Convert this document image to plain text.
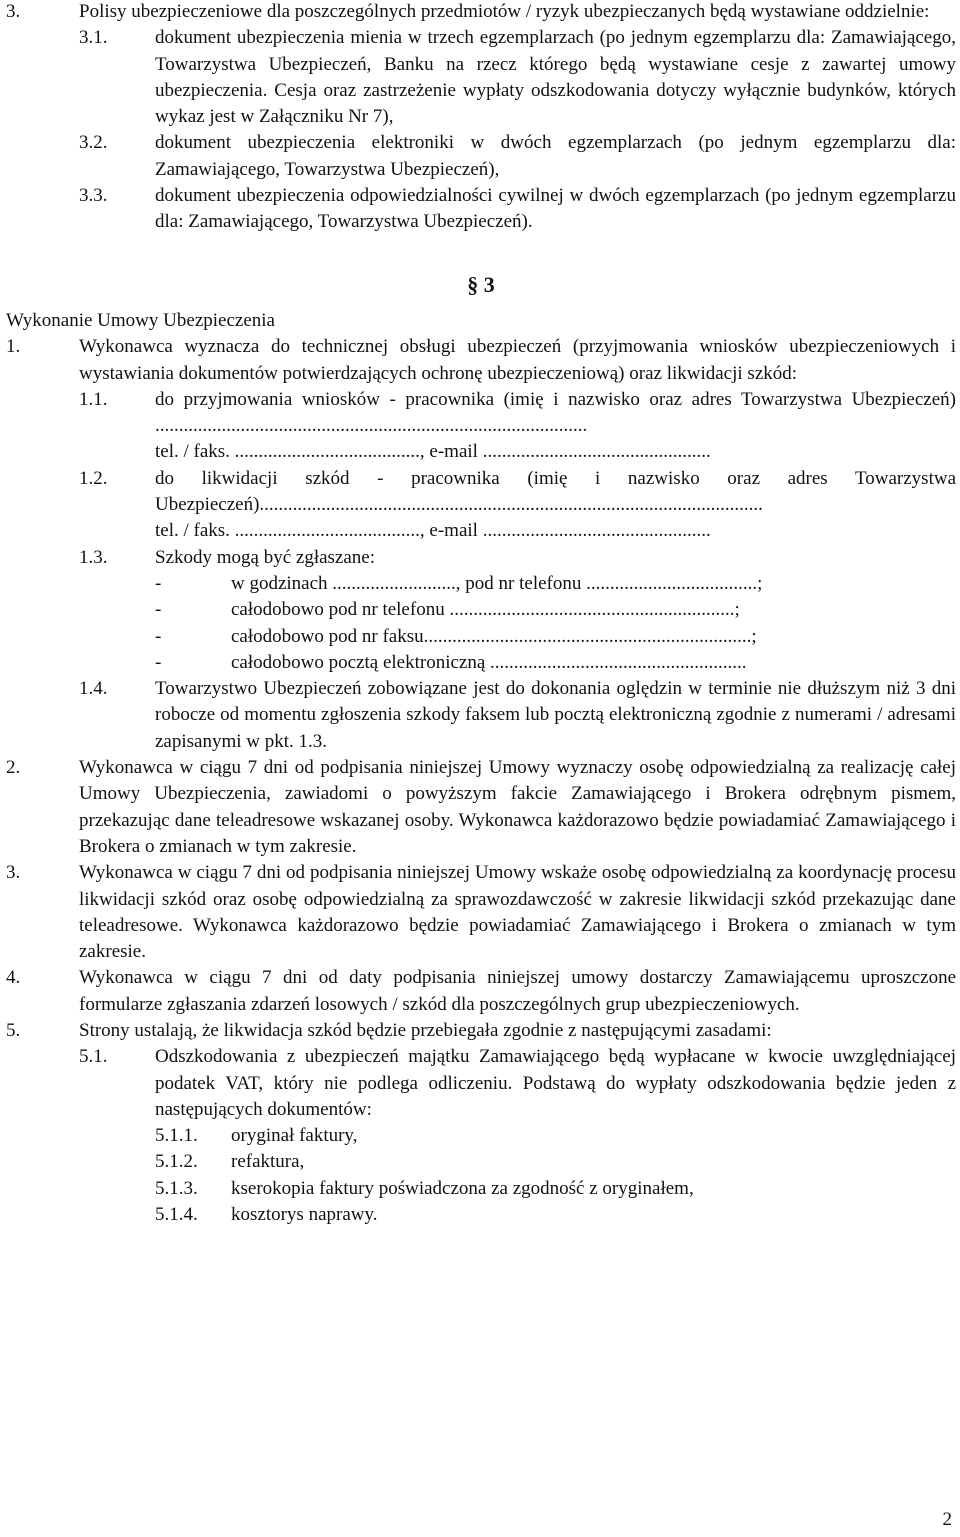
3.	Polisy ubezpieczeniowe dla poszczególnych przedmiotów / ryzyk ubezpieczanych będą wystawiane oddzielnie:
3.1.	dokument ubezpieczenia mienia w trzech egzemplarzach (po jednym egzemplarzu dla: Zamawiającego, Towarzystwa Ubezpieczeń, Banku na rzecz którego będą wystawiane cesje z zawartej umowy ubezpieczenia. Cesja oraz zastrzeżenie wypłaty odszkodowania dotyczy wyłącznie budynków, których wykaz jest w Załączniku Nr 7),
3.2.	dokument ubezpieczenia elektroniki w dwóch egzemplarzach (po jednym egzemplarzu dla: Zamawiającego, Towarzystwa Ubezpieczeń),
3.3.	dokument ubezpieczenia odpowiedzialności cywilnej w dwóch egzemplarzach (po jednym egzemplarzu dla: Zamawiającego, Towarzystwa Ubezpieczeń).
§ 3
Wykonanie Umowy Ubezpieczenia
1.	Wykonawca wyznacza do technicznej obsługi ubezpieczeń (przyjmowania wniosków ubezpieczeniowych i wystawiania dokumentów potwierdzających ochronę ubezpieczeniową) oraz likwidacji szkód:
1.1.	do przyjmowania wniosków - pracownika (imię i nazwisko oraz adres Towarzystwa Ubezpieczeń) ...........................................................................................
tel. / faks. ......................................., e-mail ................................................
1.2.	do likwidacji szkód - pracownika (imię i nazwisko oraz adres Towarzystwa Ubezpieczeń)..........................................................................................................
tel. / faks. ......................................., e-mail ................................................
1.3.	Szkody mogą być zgłaszane:
-	w godzinach .........................., pod nr telefonu ....................................;
-	całodobowo pod nr telefonu ............................................................;
-	całodobowo pod nr faksu.....................................................................;
-	całodobowo pocztą elektroniczną ......................................................
1.4.	Towarzystwo Ubezpieczeń zobowiązane jest do dokonania oględzin w terminie nie dłuższym niż 3 dni robocze od momentu zgłoszenia szkody faksem lub pocztą elektroniczną zgodnie z numerami / adresami zapisanymi w pkt. 1.3.
2.	Wykonawca w ciągu 7 dni od podpisania niniejszej Umowy wyznaczy osobę odpowiedzialną za realizację całej Umowy Ubezpieczenia, zawiadomi o powyższym fakcie Zamawiającego i Brokera odrębnym pismem, przekazując dane teleadresowe wskazanej osoby. Wykonawca każdorazowo będzie powiadamiać Zamawiającego i Brokera o zmianach w tym zakresie.
3.	Wykonawca w ciągu 7 dni od podpisania niniejszej Umowy wskaże osobę odpowiedzialną za koordynację procesu likwidacji szkód oraz osobę odpowiedzialną za sprawozdawczość w zakresie likwidacji szkód przekazując dane teleadresowe. Wykonawca każdorazowo będzie powiadamiać Zamawiającego i Brokera o zmianach w tym zakresie.
4.	Wykonawca w ciągu 7 dni od daty podpisania niniejszej umowy dostarczy Zamawiającemu uproszczone formularze zgłaszania zdarzeń losowych / szkód dla poszczególnych grup ubezpieczeniowych.
5.	Strony ustalają, że likwidacja szkód będzie przebiegała zgodnie z następującymi zasadami:
5.1.	Odszkodowania z ubezpieczeń majątku Zamawiającego będą wypłacane w kwocie uwzględniającej podatek VAT, który nie podlega odliczeniu. Podstawą do wypłaty odszkodowania będzie jeden z następujących dokumentów:
5.1.1.	oryginał faktury,
5.1.2.	refaktura,
5.1.3.	kserokopia faktury poświadczona za zgodność z oryginałem,
5.1.4.	kosztorys naprawy.
2
